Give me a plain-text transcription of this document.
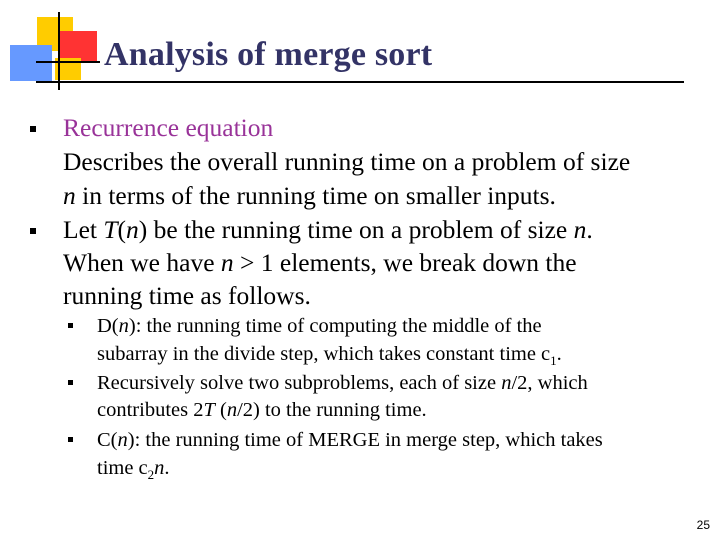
Analysis of merge sort
Recurrence equation
Describes the overall running time on a problem of size
n in terms of the running time on smaller inputs.
Let T(n) be the running time on a problem of size n.
When we have n > 1 elements, we break down the
running time as follows.
D(n): the running time of computing the middle of the
subarray in the divide step, which takes constant time $c_1$.
Recursively solve two subproblems, each of size n/2, which
contributes 2T (n/2) to the running time.
C(n): the running time of MERGE in merge step, which takes
time $c_2n$.
25
